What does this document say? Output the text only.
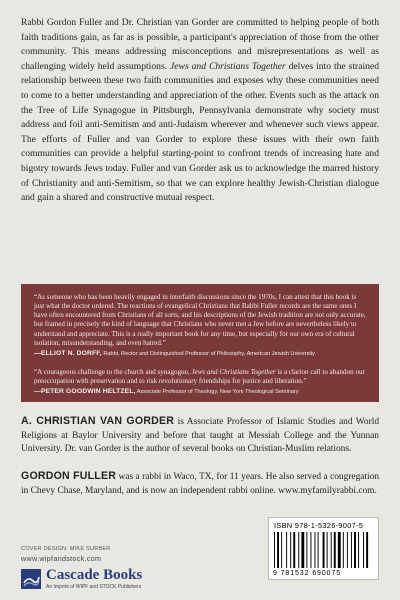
Rabbi Gordon Fuller and Dr. Christian van Gorder are committed to helping people of both faith traditions gain, as far as is possible, a participant's appreciation of those from the other community. This means addressing misconceptions and misrepresentations as well as challenging widely held assumptions. Jews and Christians Together delves into the strained relationship between these two faith communities and exposes why these communities need to come to a better understanding and appreciation of the other. Events such as the attack on the Tree of Life Synagogue in Pittsburgh, Pennsylvania demonstrate why society must address and foil anti-Semitism and anti-Judaism wherever and whenever such views appear. The efforts of Fuller and van Gorder to explore these issues with their own faith communities can provide a helpful starting-point to confront trends of increasing hate and bigotry towards Jews today. Fuller and van Gorder ask us to acknowledge the marred history of Christianity and anti-Semitism, so that we can explore healthy Jewish-Christian dialogue and gain a shared and constructive mutual respect.

“As someone who has been heavily engaged in interfaith discussions since the 1970s, I can attest that this book is just what the doctor ordered. The reactions of evangelical Christians that Rabbi Fuller records are the same ones I have often encountered from Christians of all sorts, and his descriptions of the Jewish tradition are not only accurate, but framed in precisely the kind of language that Christians who never met a Jew before are nevertheless likely to understand and appreciate. This is a really important book for any time, but especially for our own era of cultural isolation, misunderstanding, and even hatred.”

—ELLIOT N. DORFF, Rabbi, Rector and Distinguished Professor of Philosophy, American Jewish University

“A courageous challenge to the church and synagogue, Jews and Christians Together is a clarion call to abandon our preoccupation with preservation and to risk revolutionary friendships for justice and liberation.”

—PETER GOODWIN HELTZEL, Associate Professor of Theology, New York Theological Seminary

A. CHRISTIAN VAN GORDER is Associate Professor of Islamic Studies and World Religions at Baylor University and before that taught at Messiah College and the Yunnan University. Dr. van Gorder is the author of several books on Christian-Muslim relations.

GORDON FULLER was a rabbi in Waco, TX, for 11 years. He also served a congregation in Chevy Chase, Maryland, and is now an independent rabbi online. www.myfamilyrabbi.com.

COVER DESIGN: MIKE SURBER

www.wipfandstock.com

Cascade Books

An Imprint of WIPF and STOCK Publishers

ISBN 978-1-5326-9007-5

9 781532 690075
